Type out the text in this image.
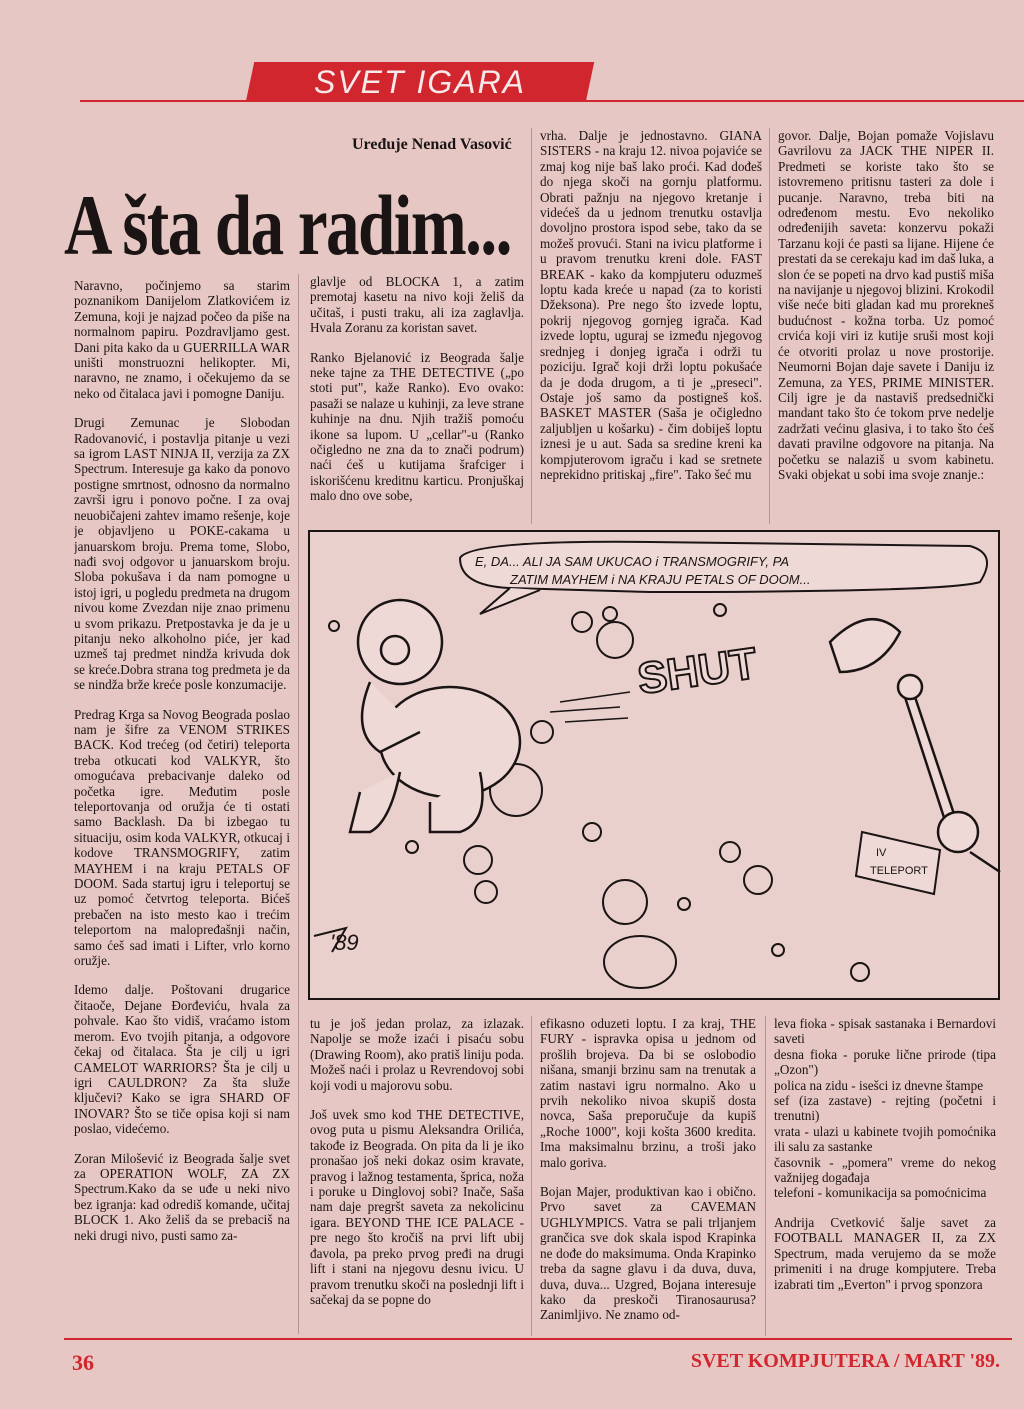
SVET IGARA
Uređuje Nenad Vasović
A šta da radim...

Naravno, počinjemo sa starim poznanikom Danijelom Zlatkovićem iz Zemuna, koji je najzad počeo da piše na normalnom papiru. Pozdravljamo gest. Dani pita kako da u GUERRILLA WAR uništi monstruozni helikopter. Mi, naravno, ne znamo, i očekujemo da se neko od čitalaca javi i pomogne Daniju.

Drugi Zemunac je Slobodan Radovanović, i postavlja pitanje u vezi sa igrom LAST NINJA II, verzija za ZX Spectrum. Interesuje ga kako da ponovo postigne smrtnost, odnosno da normalno završi igru i ponovo počne. I za ovaj neuobičajeni zahtev imamo rešenje, koje je objavljeno u POKE-cakama u januarskom broju. Prema tome, Slobo, nađi svoj odgovor u januarskom broju. Sloba pokušava i da nam pomogne u istoj igri, u pogledu predmeta na drugom nivou kome Zvezdan nije znao primenu u svom prikazu. Pretpostavka je da je u pitanju neko alkoholno piće, jer kad uzmeš taj predmet nindža krivuda dok se kreće.Dobra strana tog predmeta je da se nindža brže kreće posle konzumacije.

Predrag Krga sa Novog Beograda poslao nam je šifre za VENOM STRIKES BACK. Kod trećeg (od četiri) teleporta treba otkucati kod VALKYR, što omogućava prebacivanje daleko od početka igre. Međutim posle teleportovanja od oružja će ti ostati samo Backlash. Da bi izbegao tu situaciju, osim koda VALKYR, otkucaj i kodove TRANSMOGRIFY, zatim MAYHEM i na kraju PETALS OF DOOM. Sada startuj igru i teleportuj se uz pomoć četvrtog teleporta. Bićeš prebačen na isto mesto kao i trećim teleportom na malopređašnji način, samo ćeš sad imati i Lifter, vrlo korno oružje.

Idemo dalje. Poštovani drugarice čitaoče, Dejane Đorđeviću, hvala za pohvale. Kao što vidiš, vraćamo istom merom. Evo tvojih pitanja, a odgovore čekaj od čitalaca. Šta je cilj u igri CAMELOT WARRIORS? Šta je cilj u igri CAULDRON? Za šta služe ključevi? Kako se igra SHARD OF INOVAR? Što se tiče opisa koji si nam poslao, videćemo.

Zoran Milošević iz Beograda šalje svet za OPERATION WOLF, ZA ZX Spectrum.Kako da se uđe u neki nivo bez igranja: kad odrediš komande, učitaj BLOCK 1. Ako želiš da se prebaciš na neki drugi nivo, pusti samo za-

glavlje od BLOCKA 1, a zatim premotaj kasetu na nivo koji želiš da učitaš, i pusti traku, ali iza zaglavlja. Hvala Zoranu za koristan savet.

Ranko Bjelanović iz Beograda šalje neke tajne za THE DETECTIVE („po stoti put", kaže Ranko). Evo ovako: pasaži se nalaze u kuhinji, za leve strane kuhinje na dnu. Njih tražiš pomoću ikone sa lupom. U „cellar"-u (Ranko očigledno ne zna da to znači podrum) naći ćeš u kutijama šrafciger i iskorišćenu kreditnu karticu. Pronjuškaj malo dno ove sobe,

vrha. Dalje je jednostavno. GIANA SISTERS - na kraju 12. nivoa pojaviće se zmaj kog nije baš lako proći. Kad dođeš do njega skoči na gornju platformu. Obrati pažnju na njegovo kretanje i videćeš da u jednom trenutku ostavlja dovoljno prostora ispod sebe, tako da se možeš provući. Stani na ivicu platforme i u pravom trenutku kreni dole. FAST BREAK - kako da kompjuteru oduzmeš loptu kada kreće u napad (za to koristi Džeksona). Pre nego što izvede loptu, pokrij njegovog gornjeg igrača. Kad izvede loptu, uguraj se između njegovog srednjeg i donjeg igrača i održi tu poziciju. Igrač koji drži loptu pokušaće da je doda drugom, a ti je „preseci". Ostaje još samo da postigneš koš. BASKET MASTER (Saša je očigledno zaljubljen u košarku) - čim dobiješ loptu iznesi je u aut. Sada sa sredine kreni ka kompjuterovom igraču i kad se sretnete neprekidno pritiskaj „fire". Tako šeć mu

govor. Dalje, Bojan pomaže Vojislavu Gavrilovu za JACK THE NIPER II. Predmeti se koriste tako što se istovremeno pritisnu tasteri za dole i pucanje. Naravno, treba biti na određenom mestu. Evo nekoliko određenijih saveta: konzervu pokaži Tarzanu koji će pasti sa lijane. Hijene će prestati da se cerekaju kad im daš luka, a slon će se popeti na drvo kad pustiš miša na navijanje u njegovoj blizini. Krokodil više neće biti gladan kad mu prorekneš budućnost - kožna torba. Uz pomoć crvića koji viri iz kutije sruši most koji će otvoriti prolaz u nove prostorije. Neumorni Bojan daje savete i Daniju iz Zemuna, za YES, PRIME MINISTER. Cilj igre je da nastaviš predsednički mandant tako što će tokom prve nedelje zadržati većinu glasiva, i to tako što ćeš davati pravilne odgovore na pitanja. Na početku se nalaziš u svom kabinetu. Svaki objekat u sobi ima svoje znanje.:

E, DA... ALI JA SAM UKUCAO i TRANSMOGRIFY, PA
ZATIM MAYHEM i NA KRAJU PETALS OF DOOM...
SHUT
IV
TELEPORT
'89

tu je još jedan prolaz, za izlazak. Napolje se može izaći i pisaću sobu (Drawing Room), ako pratiš liniju poda. Možeš naći i prolaz u Revrendovoj sobi koji vodi u majorovu sobu.

Još uvek smo kod THE DETECTIVE, ovog puta u pismu Aleksandra Orilića, takođe iz Beograda. On pita da li je iko pronašao još neki dokaz osim kravate, pravog i lažnog testamenta, špricа, noža i poruke u Dinglovoj sobi? Inače, Saša nam daje pregršt saveta za nekolicinu igara. BEYOND THE ICE PALACE - pre nego što kročiš na prvi lift ubij đavola, pa preko prvog pređi na drugi lift i stani na njegovu desnu ivicu. U pravom trenutku skoči na poslednji lift i sačekaj da se popne do

efikasno oduzeti loptu. I za kraj, THE FURY - ispravka opisa u jednom od prošlih brojeva. Da bi se oslobodio nišana, smanji brzinu sam na trenutak a zatim nastavi igru normalno. Ako u prvih nekoliko nivoa skupiš dosta novca, Saša preporučuje da kupiš „Roche 1000", koji košta 3600 kredita. Ima maksimalnu brzinu, a troši jako malo goriva.

Bojan Majer, produktivan kao i obično. Prvo savet za CAVEMAN UGHLYMPICS. Vatra se pali trljanjem grančica sve dok skala ispod Krapinka ne dođe do maksimuma. Onda Krapinko treba da sagne glavu i da duva, duva, duva, duva... Uzgred, Bojana interesuje kako da preskoči Tiranosaurusa? Zanimljivo. Ne znamo od-

leva fioka - spisak sastanaka i Bernardovi saveti

desna fioka - poruke lične prirode (tipa „Ozon")

polica na zidu - isešci iz dnevne štampe

sef (iza zastave) - rejting (početni i trenutni)

vrata - ulazi u kabinete tvojih pomoćnika ili salu za sastanke

časovnik - „pomera" vreme do nekog važnijeg događaja

telefoni - komunikacija sa pomoćnicima

Andrija Cvetković šalje savet za FOOTBALL MANAGER II, za ZX Spectrum, mada verujemo da se može primeniti i na druge kompjutere. Treba izabrati tim „Everton" i prvog sponzora

36	SVET KOMPJUTERA / MART '89.
